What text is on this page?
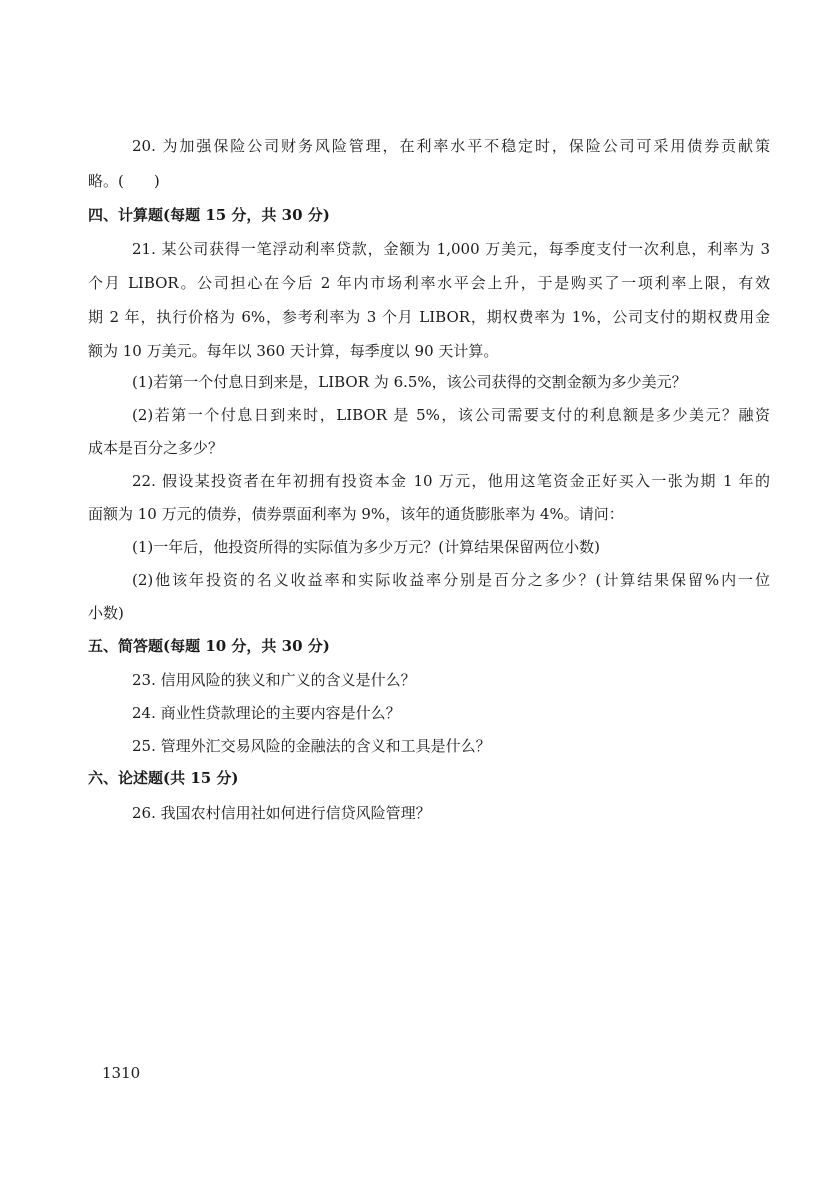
20. 为加强保险公司财务风险管理，在利率水平不稳定时，保险公司可采用债券贡献策
略。(　　)
四、计算题(每题 15 分，共 30 分)
21. 某公司获得一笔浮动利率贷款，金额为 1,000 万美元，每季度支付一次利息，利率为 3
个月 LIBOR。公司担心在今后 2 年内市场利率水平会上升，于是购买了一项利率上限，有效
期 2 年，执行价格为 6%，参考利率为 3 个月 LIBOR，期权费率为 1%，公司支付的期权费用金
额为 10 万美元。每年以 360 天计算，每季度以 90 天计算。
(1)若第一个付息日到来是，LIBOR 为 6.5%，该公司获得的交割金额为多少美元？
(2)若第一个付息日到来时，LIBOR 是 5%，该公司需要支付的利息额是多少美元？融资
成本是百分之多少？
22. 假设某投资者在年初拥有投资本金 10 万元，他用这笔资金正好买入一张为期 1 年的
面额为 10 万元的债券，债券票面利率为 9%，该年的通货膨胀率为 4%。请问：
(1)一年后，他投资所得的实际值为多少万元？(计算结果保留两位小数)
(2)他该年投资的名义收益率和实际收益率分别是百分之多少？(计算结果保留%内一位
小数)
五、简答题(每题 10 分，共 30 分)
23. 信用风险的狭义和广义的含义是什么？
24. 商业性贷款理论的主要内容是什么？
25. 管理外汇交易风险的金融法的含义和工具是什么？
六、论述题(共 15 分)
26. 我国农村信用社如何进行信贷风险管理？
1310
